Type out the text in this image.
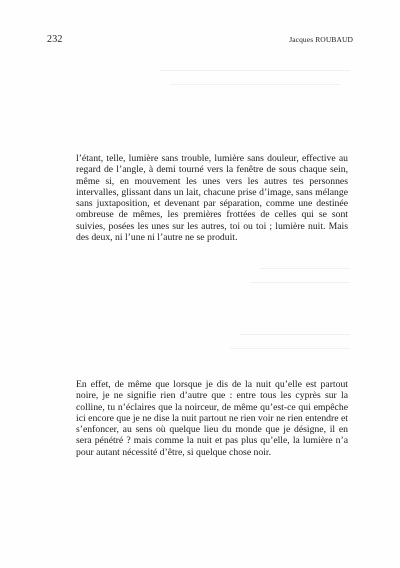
232	Jacques ROUBAUD

l’étant, telle, lumière sans trouble, lumière sans douleur, effective au regard de l’angle, à demi tourné vers la fenêtre de sous chaque sein, même si, en mouvement les unes vers les autres tes personnes intervalles, glissant dans un lait, chacune prise d’image, sans mélange sans juxtaposition, et devenant par séparation, comme une destinée ombreuse de mêmes, les premières frottées de celles qui se sont suivies, posées les unes sur les autres, toi ou toi ; lumière nuit. Mais des deux, ni l’une ni l’autre ne se produit.

En effet, de même que lorsque je dis de la nuit qu’elle est partout noire, je ne signifie rien d’autre que : entre tous les cyprès sur la colline, tu n’éclaires que la noirceur, de même qu’est-ce qui empêche ici encore que je ne dise la nuit partout ne rien voir ne rien entendre et s’enfoncer, au sens où quelque lieu du monde que je désigne, il en sera pénétré ? mais comme la nuit et pas plus qu’elle, la lumière n’a pour autant nécessité d’être, si quelque chose noir.
